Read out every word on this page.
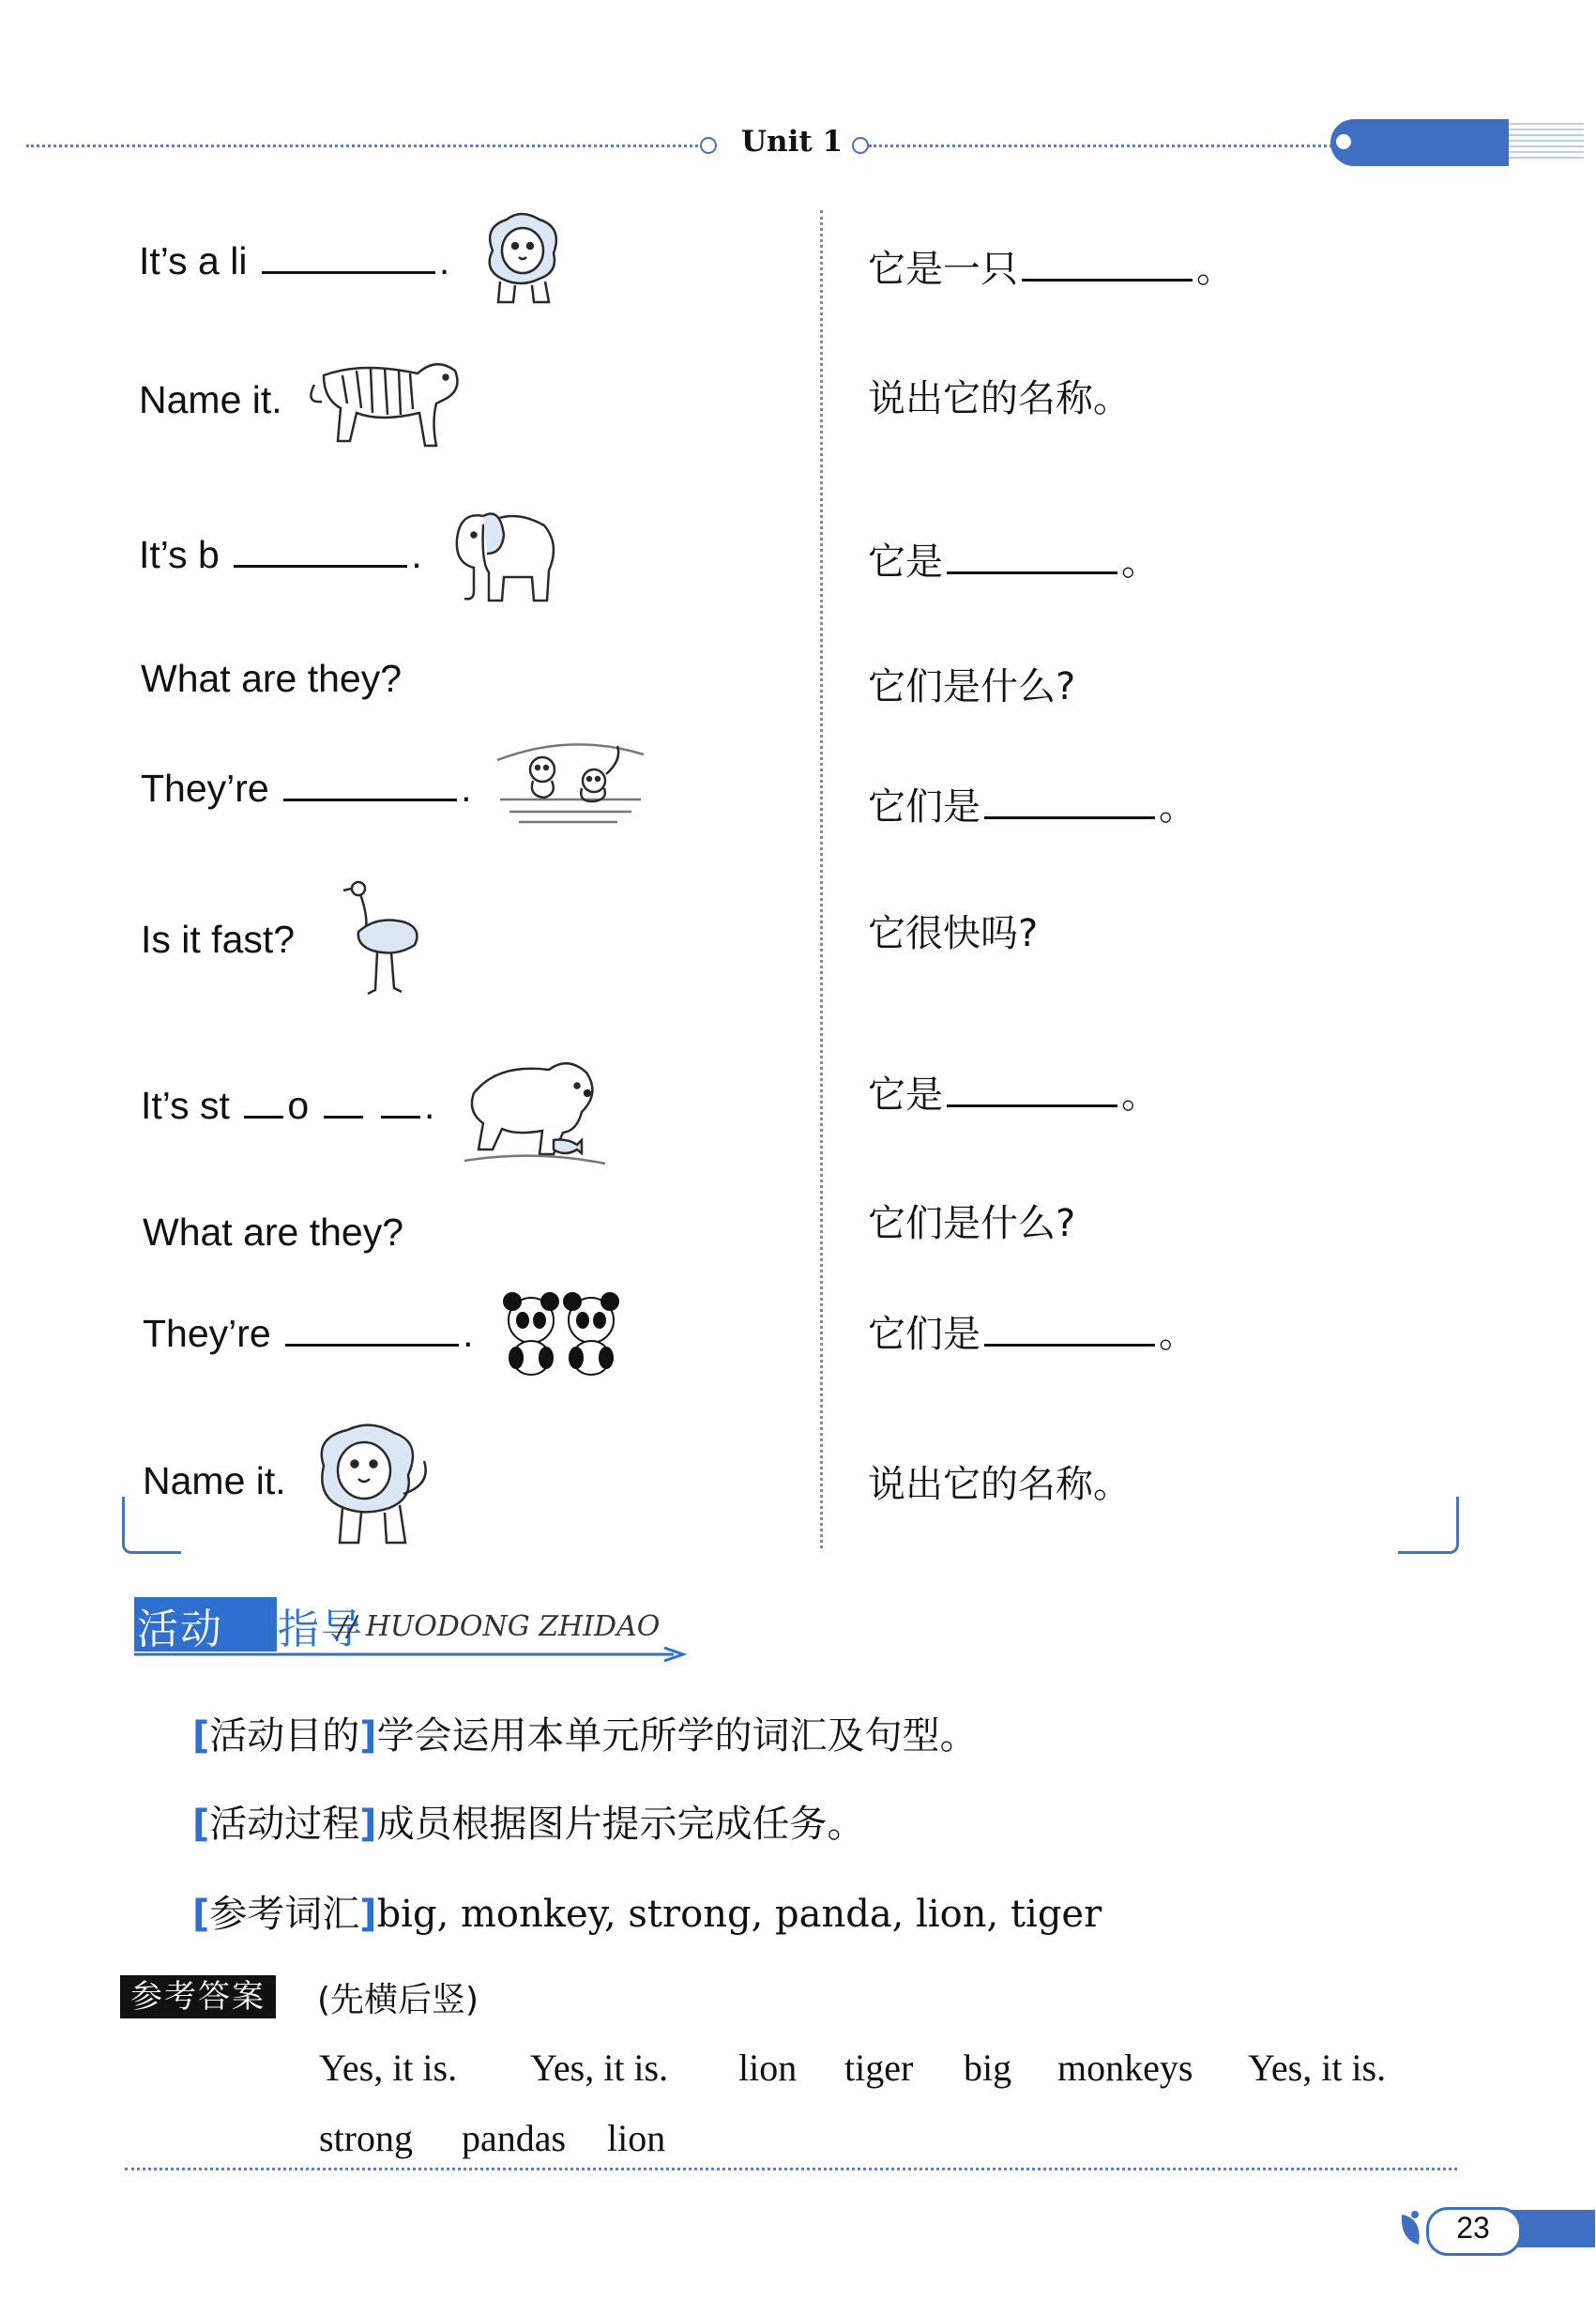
Unit 1
It’s a li	.	它是一只	。
Name it.	说出它的名称。
It’s b	.	它是	。
What are they?	它们是什么?
They’re	.	它们是	。
Is it fast?	它很快吗?
It’s st o	.	它是	。
What are they?	它们是什么?
They’re	.	它们是	。
Name it.	说出它的名称。
活动 指导
// HUODONG ZHIDAO
[活动目的]学会运用本单元所学的词汇及句型。
[活动过程]成员根据图片提示完成任务。
[参考词汇]big, monkey, strong, panda, lion, tiger
参考答案	(先横后竖)
Yes, it is. Yes, it is. lion tiger big monkeys Yes, it is.
strong pandas lion
23
